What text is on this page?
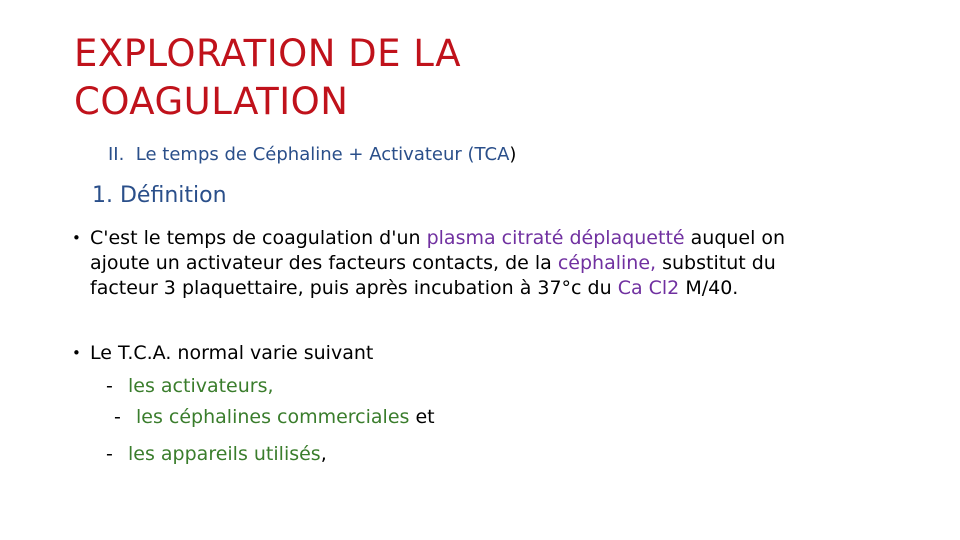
EXPLORATION DE LA
COAGULATION
II. Le temps de Céphaline + Activateur (TCA)
1. Définition
• C'est le temps de coagulation d'un plasma citraté déplaquetté auquel on ajoute un activateur des facteurs contacts, de la céphaline, substitut du facteur 3 plaquettaire, puis après incubation à 37°c du Ca Cl2 M/40.
• Le T.C.A. normal varie suivant
- les activateurs,
- les céphalines commerciales et
- les appareils utilisés,
